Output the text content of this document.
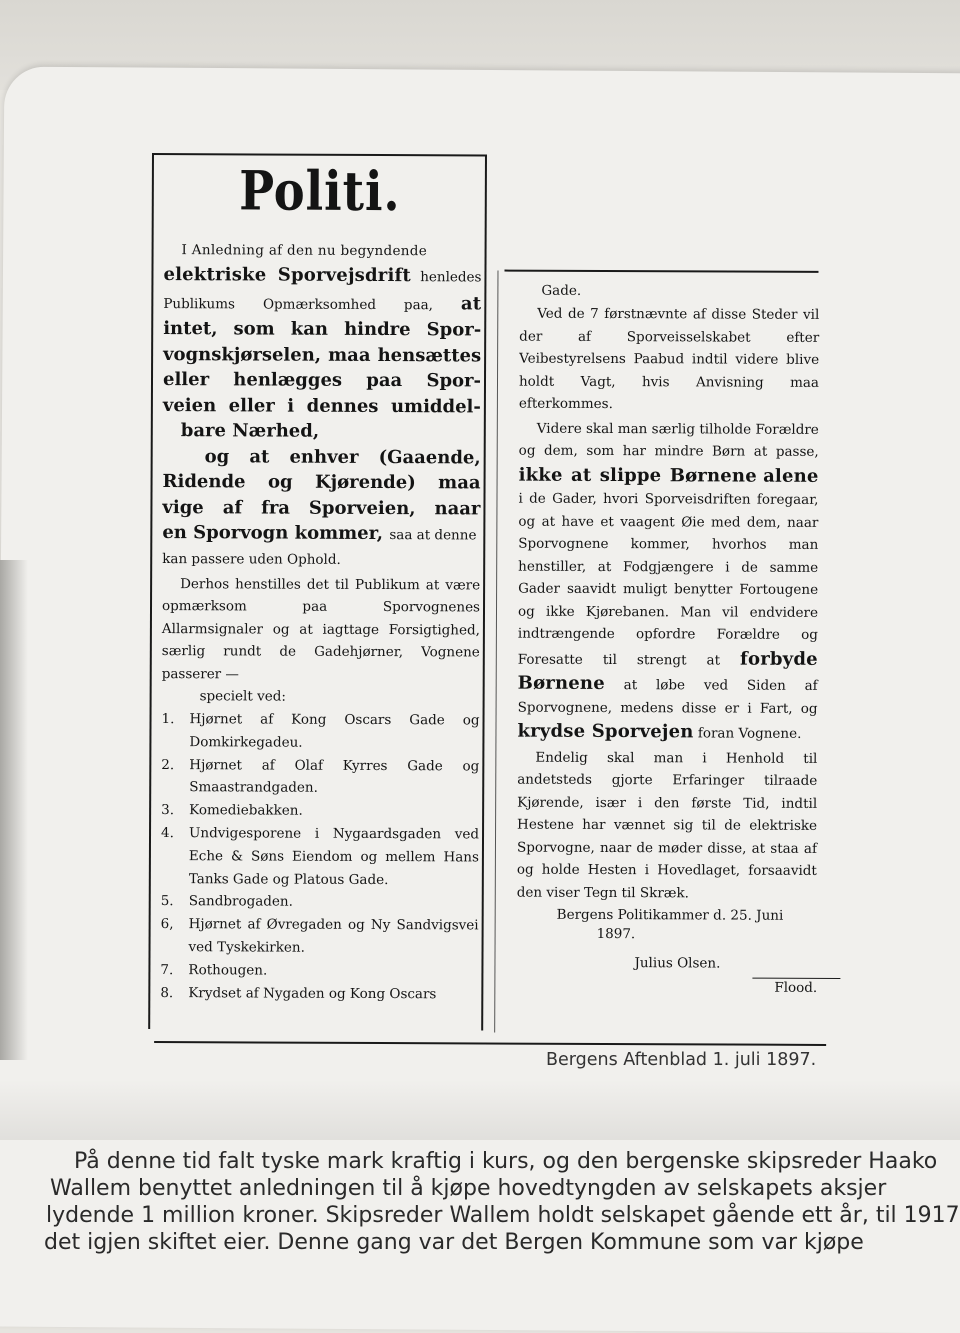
Politi.
I Anledning af den nu begyndende
elektriske Sporvejsdrift henledes
Publikums Opmærksomhed paa, at
intet, som kan hindre Spor-
vognskjørselen, maa hensættes
eller henlægges paa Spor-
veien eller i dennes umiddel-
bare Nærhed,
og at enhver (Gaaende,
Ridende og Kjørende) maa
vige af fra Sporveien, naar
en Sporvogn kommer, saa at denne
kan passere uden Ophold.
Derhos henstilles det til Publikum at være opmærksom paa Sporvognenes Allarmsignaler og at iagttage Forsigtighed, særlig rundt de Gadehjørner, Vognene passerer —
specielt ved:
1. Hjørnet af Kong Oscars Gade og Domkirkegadeu.
2. Hjørnet af Olaf Kyrres Gade og Smaastrandgaden.
3. Komediebakken.
4. Undvigesporene i Nygaardsgaden ved Eche & Søns Eiendom og mellem Hans Tanks Gade og Platous Gade.
5. Sandbrogaden.
6, Hjørnet af Øvregaden og Ny Sandvigsvei ved Tyskekirken.
7. Rothougen.
8. Krydset af Nygaden og Kong Oscars
Gade.
Ved de 7 førstnævnte af disse Steder vil der af Sporveisselskabet efter Veibestyrelsens Paabud indtil videre blive holdt Vagt, hvis Anvisning maa efterkommes.
Videre skal man særlig tilholde Forældre og dem, som har mindre Børn at passe, ikke at slippe Børnene alene i de Gader, hvori Sporveisdriften foregaar, og at have et vaagent Øie med dem, naar Sporvognene kommer, hvorhos man henstiller, at Fodgjængere i de samme Gader saavidt muligt benytter Fortougene og ikke Kjørebanen. Man vil endvidere indtrængende opfordre Forældre og Foresatte til strengt at forbyde Børnene at løbe ved Siden af Sporvognene, medens disse er i Fart, og krydse Sporvejen foran Vognene.
Endelig skal man i Henhold til andetsteds gjorte Erfaringer tilraade Kjørende, især i den første Tid, indtil Hestene har vænnet sig til de elektriske Sporvogne, naar de møder disse, at staa af og holde Hesten i Hovedlaget, forsaavidt den viser Tegn til Skræk.
Bergens Politikammer d. 25. Juni
1897.
Julius Olsen.
Flood.
Bergens Aftenblad 1. juli 1897.
På denne tid falt tyske mark kraftig i kurs, og den bergenske skipsreder Haako
Wallem benyttet anledningen til å kjøpe hovedtyngden av selskapets aksjer
lydende 1 million kroner. Skipsreder Wallem holdt selskapet gående ett år, til 1917
det igjen skiftet eier. Denne gang var det Bergen Kommune som var kjøpe
